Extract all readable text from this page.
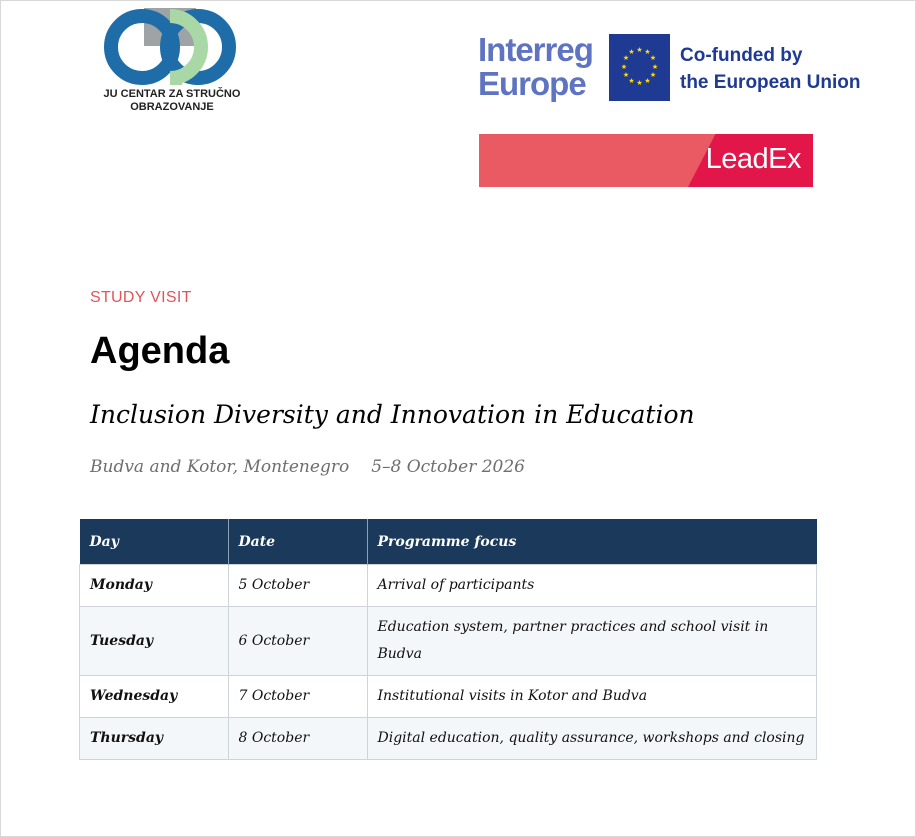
JU CENTAR ZA STRUČNO
OBRAZOVANJE
Interreg
Europe
★ ★
★
★
★
★
★
★
★
★
★
★ Co-funded by
the European Union
LeadEx
STUDY VISIT
Agenda
Inclusion Diversity and Innovation in Education
Budva and Kotor, Montenegro 5–8 October 2026
Day	Date	Programme focus
Monday	5 October	Arrival of participants
Tuesday	6 October	Education system, partner practices and school visit in Budva
Wednesday	7 October	Institutional visits in Kotor and Budva
Thursday	8 October	Digital education, quality assurance, workshops and closing
